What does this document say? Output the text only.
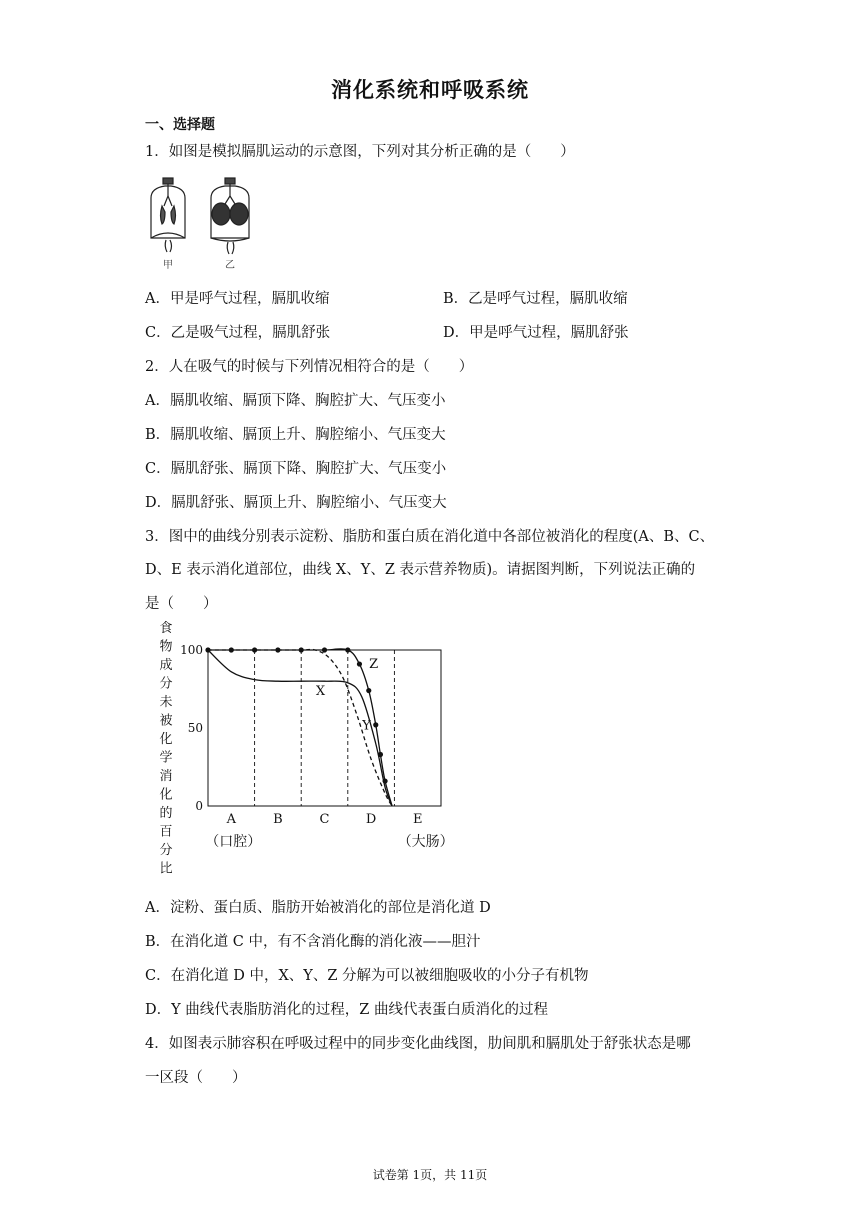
消化系统和呼吸系统
一、选择题
1．如图是模拟膈肌运动的示意图，下列对其分析正确的是（　　）
甲	乙
A．甲是呼气过程，膈肌收缩	B．乙是呼气过程，膈肌收缩
C．乙是吸气过程，膈肌舒张	D．甲是呼气过程，膈肌舒张
2．人在吸气的时候与下列情况相符合的是（　　）
A．膈肌收缩、膈顶下降、胸腔扩大、气压变小
B．膈肌收缩、膈顶上升、胸腔缩小、气压变大
C．膈肌舒张、膈顶下降、胸腔扩大、气压变小
D．膈肌舒张、膈顶上升、胸腔缩小、气压变大
3．图中的曲线分别表示淀粉、脂肪和蛋白质在消化道中各部位被消化的程度(A、B、C、
D、E 表示消化道部位，曲线 X、Y、Z 表示营养物质)。请据图判断，下列说法正确的
是（　　）
食
物
成
分
未
被
化
学
消
化
的
百
分
比
X
Y
Z
100
50
0
A	B	C	D	E
（口腔）	（大肠）
A．淀粉、蛋白质、脂肪开始被消化的部位是消化道 D
B．在消化道 C 中，有不含消化酶的消化液——胆汁
C．在消化道 D 中，X、Y、Z 分解为可以被细胞吸收的小分子有机物
D．Y 曲线代表脂肪消化的过程，Z 曲线代表蛋白质消化的过程
4．如图表示肺容积在呼吸过程中的同步变化曲线图，肋间肌和膈肌处于舒张状态是哪
一区段（　　）
试卷第 1页，共 11页
